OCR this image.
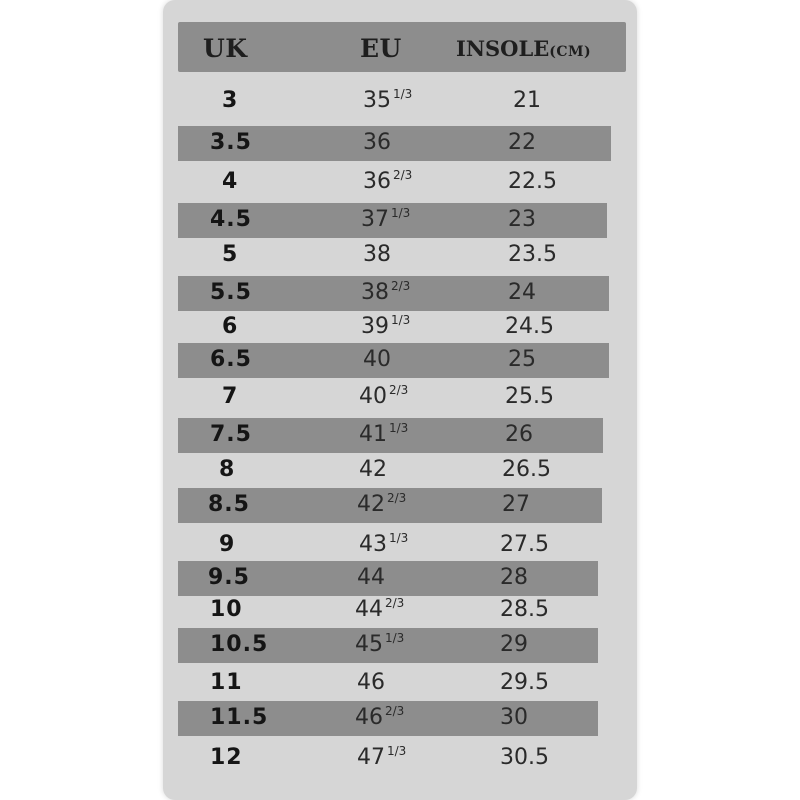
UK	EU	INSOLE(CM)
3	35 $^{1/3}$	21
3.5	36	22
4	36 $^{2/3}$	22.5
4.5	37 $^{1/3}$	23
5	38	23.5
5.5	38 $^{2/3}$	24
6	39 $^{1/3}$	24.5
6.5	40	25
7	40 $^{2/3}$	25.5
7.5	41 $^{1/3}$	26
8	42	26.5
8.5	42 $^{2/3}$	27
9	43 $^{1/3}$	27.5
9.5	44	28
10	44 $^{2/3}$	28.5
10.5	45 $^{1/3}$	29
11	46	29.5
11.5	46 $^{2/3}$	30
12	47 $^{1/3}$	30.5
